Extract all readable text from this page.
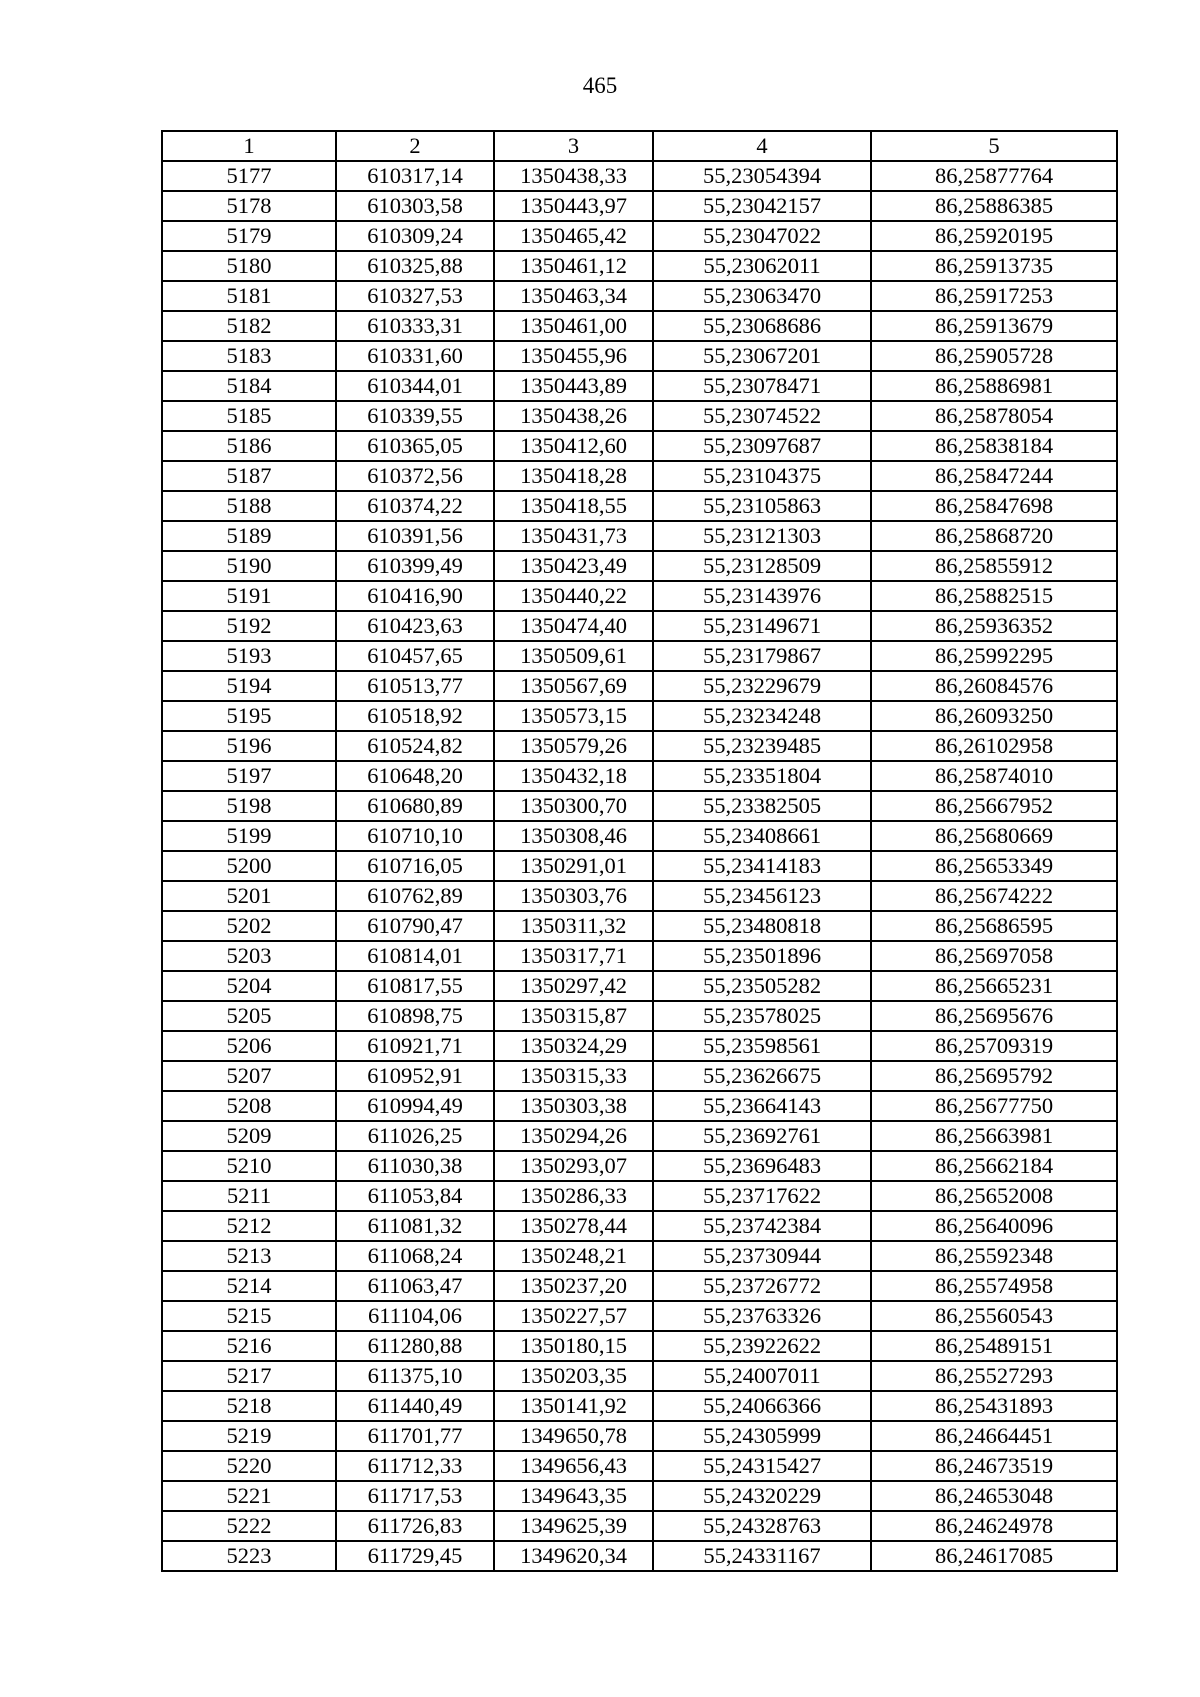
465
1	2	3	4	5
5177	610317,14	1350438,33	55,23054394	86,25877764
5178	610303,58	1350443,97	55,23042157	86,25886385
5179	610309,24	1350465,42	55,23047022	86,25920195
5180	610325,88	1350461,12	55,23062011	86,25913735
5181	610327,53	1350463,34	55,23063470	86,25917253
5182	610333,31	1350461,00	55,23068686	86,25913679
5183	610331,60	1350455,96	55,23067201	86,25905728
5184	610344,01	1350443,89	55,23078471	86,25886981
5185	610339,55	1350438,26	55,23074522	86,25878054
5186	610365,05	1350412,60	55,23097687	86,25838184
5187	610372,56	1350418,28	55,23104375	86,25847244
5188	610374,22	1350418,55	55,23105863	86,25847698
5189	610391,56	1350431,73	55,23121303	86,25868720
5190	610399,49	1350423,49	55,23128509	86,25855912
5191	610416,90	1350440,22	55,23143976	86,25882515
5192	610423,63	1350474,40	55,23149671	86,25936352
5193	610457,65	1350509,61	55,23179867	86,25992295
5194	610513,77	1350567,69	55,23229679	86,26084576
5195	610518,92	1350573,15	55,23234248	86,26093250
5196	610524,82	1350579,26	55,23239485	86,26102958
5197	610648,20	1350432,18	55,23351804	86,25874010
5198	610680,89	1350300,70	55,23382505	86,25667952
5199	610710,10	1350308,46	55,23408661	86,25680669
5200	610716,05	1350291,01	55,23414183	86,25653349
5201	610762,89	1350303,76	55,23456123	86,25674222
5202	610790,47	1350311,32	55,23480818	86,25686595
5203	610814,01	1350317,71	55,23501896	86,25697058
5204	610817,55	1350297,42	55,23505282	86,25665231
5205	610898,75	1350315,87	55,23578025	86,25695676
5206	610921,71	1350324,29	55,23598561	86,25709319
5207	610952,91	1350315,33	55,23626675	86,25695792
5208	610994,49	1350303,38	55,23664143	86,25677750
5209	611026,25	1350294,26	55,23692761	86,25663981
5210	611030,38	1350293,07	55,23696483	86,25662184
5211	611053,84	1350286,33	55,23717622	86,25652008
5212	611081,32	1350278,44	55,23742384	86,25640096
5213	611068,24	1350248,21	55,23730944	86,25592348
5214	611063,47	1350237,20	55,23726772	86,25574958
5215	611104,06	1350227,57	55,23763326	86,25560543
5216	611280,88	1350180,15	55,23922622	86,25489151
5217	611375,10	1350203,35	55,24007011	86,25527293
5218	611440,49	1350141,92	55,24066366	86,25431893
5219	611701,77	1349650,78	55,24305999	86,24664451
5220	611712,33	1349656,43	55,24315427	86,24673519
5221	611717,53	1349643,35	55,24320229	86,24653048
5222	611726,83	1349625,39	55,24328763	86,24624978
5223	611729,45	1349620,34	55,24331167	86,24617085
